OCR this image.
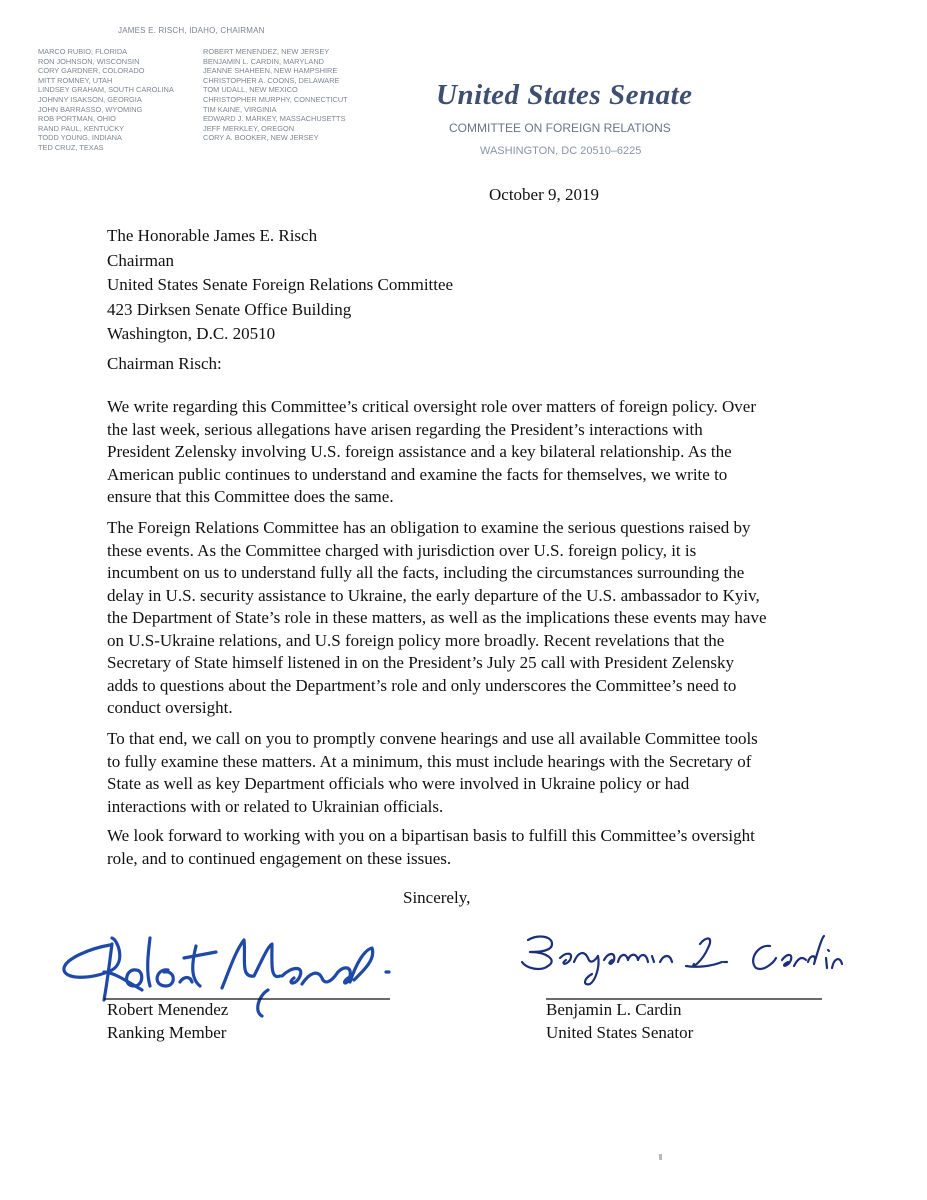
JAMES E. RISCH, IDAHO, CHAIRMAN
MARCO RUBIO, FLORIDA
RON JOHNSON, WISCONSIN
CORY GARDNER, COLORADO
MITT ROMNEY, UTAH
LINDSEY GRAHAM, SOUTH CAROLINA
JOHNNY ISAKSON, GEORGIA
JOHN BARRASSO, WYOMING
ROB PORTMAN, OHIO
RAND PAUL, KENTUCKY
TODD YOUNG, INDIANA
TED CRUZ, TEXAS
ROBERT MENENDEZ, NEW JERSEY
BENJAMIN L. CARDIN, MARYLAND
JEANNE SHAHEEN, NEW HAMPSHIRE
CHRISTOPHER A. COONS, DELAWARE
TOM UDALL, NEW MEXICO
CHRISTOPHER MURPHY, CONNECTICUT
TIM KAINE, VIRGINIA
EDWARD J. MARKEY, MASSACHUSETTS
JEFF MERKLEY, OREGON
CORY A. BOOKER, NEW JERSEY
United States Senate
COMMITTEE ON FOREIGN RELATIONS
WASHINGTON, DC 20510–6225
October 9, 2019
The Honorable James E. Risch
Chairman
United States Senate Foreign Relations Committee
423 Dirksen Senate Office Building
Washington, D.C. 20510
Chairman Risch:
We write regarding this Committee’s critical oversight role over matters of foreign policy. Over
the last week, serious allegations have arisen regarding the President’s interactions with
President Zelensky involving U.S. foreign assistance and a key bilateral relationship. As the
American public continues to understand and examine the facts for themselves, we write to
ensure that this Committee does the same.
The Foreign Relations Committee has an obligation to examine the serious questions raised by
these events. As the Committee charged with jurisdiction over U.S. foreign policy, it is
incumbent on us to understand fully all the facts, including the circumstances surrounding the
delay in U.S. security assistance to Ukraine, the early departure of the U.S. ambassador to Kyiv,
the Department of State’s role in these matters, as well as the implications these events may have
on U.S-Ukraine relations, and U.S foreign policy more broadly. Recent revelations that the
Secretary of State himself listened in on the President’s July 25 call with President Zelensky
adds to questions about the Department’s role and only underscores the Committee’s need to
conduct oversight.
To that end, we call on you to promptly convene hearings and use all available Committee tools
to fully examine these matters. At a minimum, this must include hearings with the Secretary of
State as well as key Department officials who were involved in Ukraine policy or had
interactions with or related to Ukrainian officials.
We look forward to working with you on a bipartisan basis to fulfill this Committee’s oversight
role, and to continued engagement on these issues.
Sincerely,
Robert Menendez
Ranking Member
Benjamin L. Cardin
United States Senator
